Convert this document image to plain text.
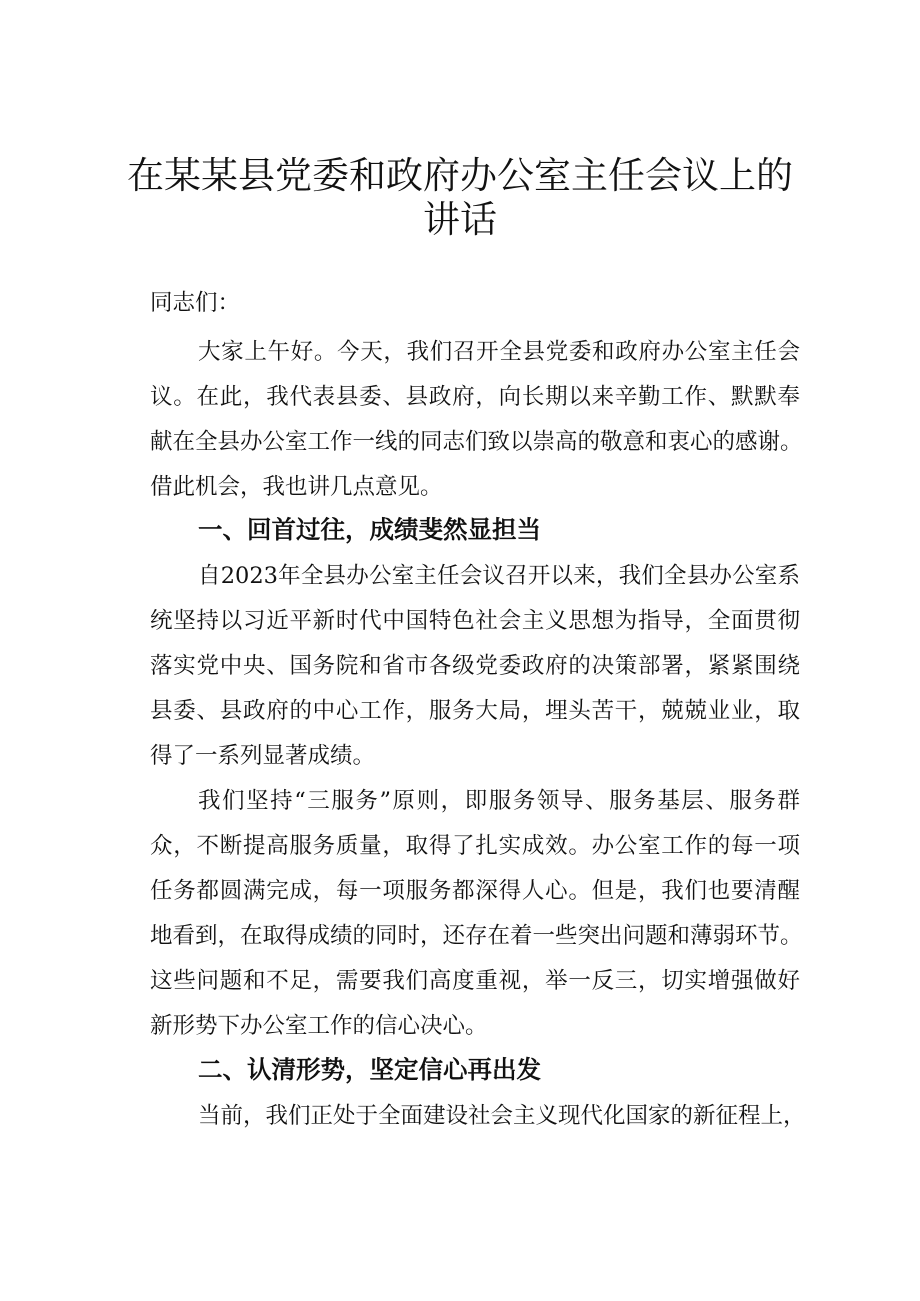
在某某县党委和政府办公室主任会议上的
讲话

同志们：

大家上午好。今天，我们召开全县党委和政府办公室主任会

议。在此，我代表县委、县政府，向长期以来辛勤工作、默默奉

献在全县办公室工作一线的同志们致以崇高的敬意和衷心的感谢。

借此机会，我也讲几点意见。

一、回首过往，成绩斐然显担当

自2023年全县办公室主任会议召开以来，我们全县办公室系

统坚持以习近平新时代中国特色社会主义思想为指导，全面贯彻

落实党中央、国务院和省市各级党委政府的决策部署，紧紧围绕

县委、县政府的中心工作，服务大局，埋头苦干，兢兢业业，取

得了一系列显著成绩。

我们坚持“三服务”原则，即服务领导、服务基层、服务群

众，不断提高服务质量，取得了扎实成效。办公室工作的每一项

任务都圆满完成，每一项服务都深得人心。但是，我们也要清醒

地看到，在取得成绩的同时，还存在着一些突出问题和薄弱环节。

这些问题和不足，需要我们高度重视，举一反三，切实增强做好

新形势下办公室工作的信心决心。

二、认清形势，坚定信心再出发

当前，我们正处于全面建设社会主义现代化国家的新征程上，
